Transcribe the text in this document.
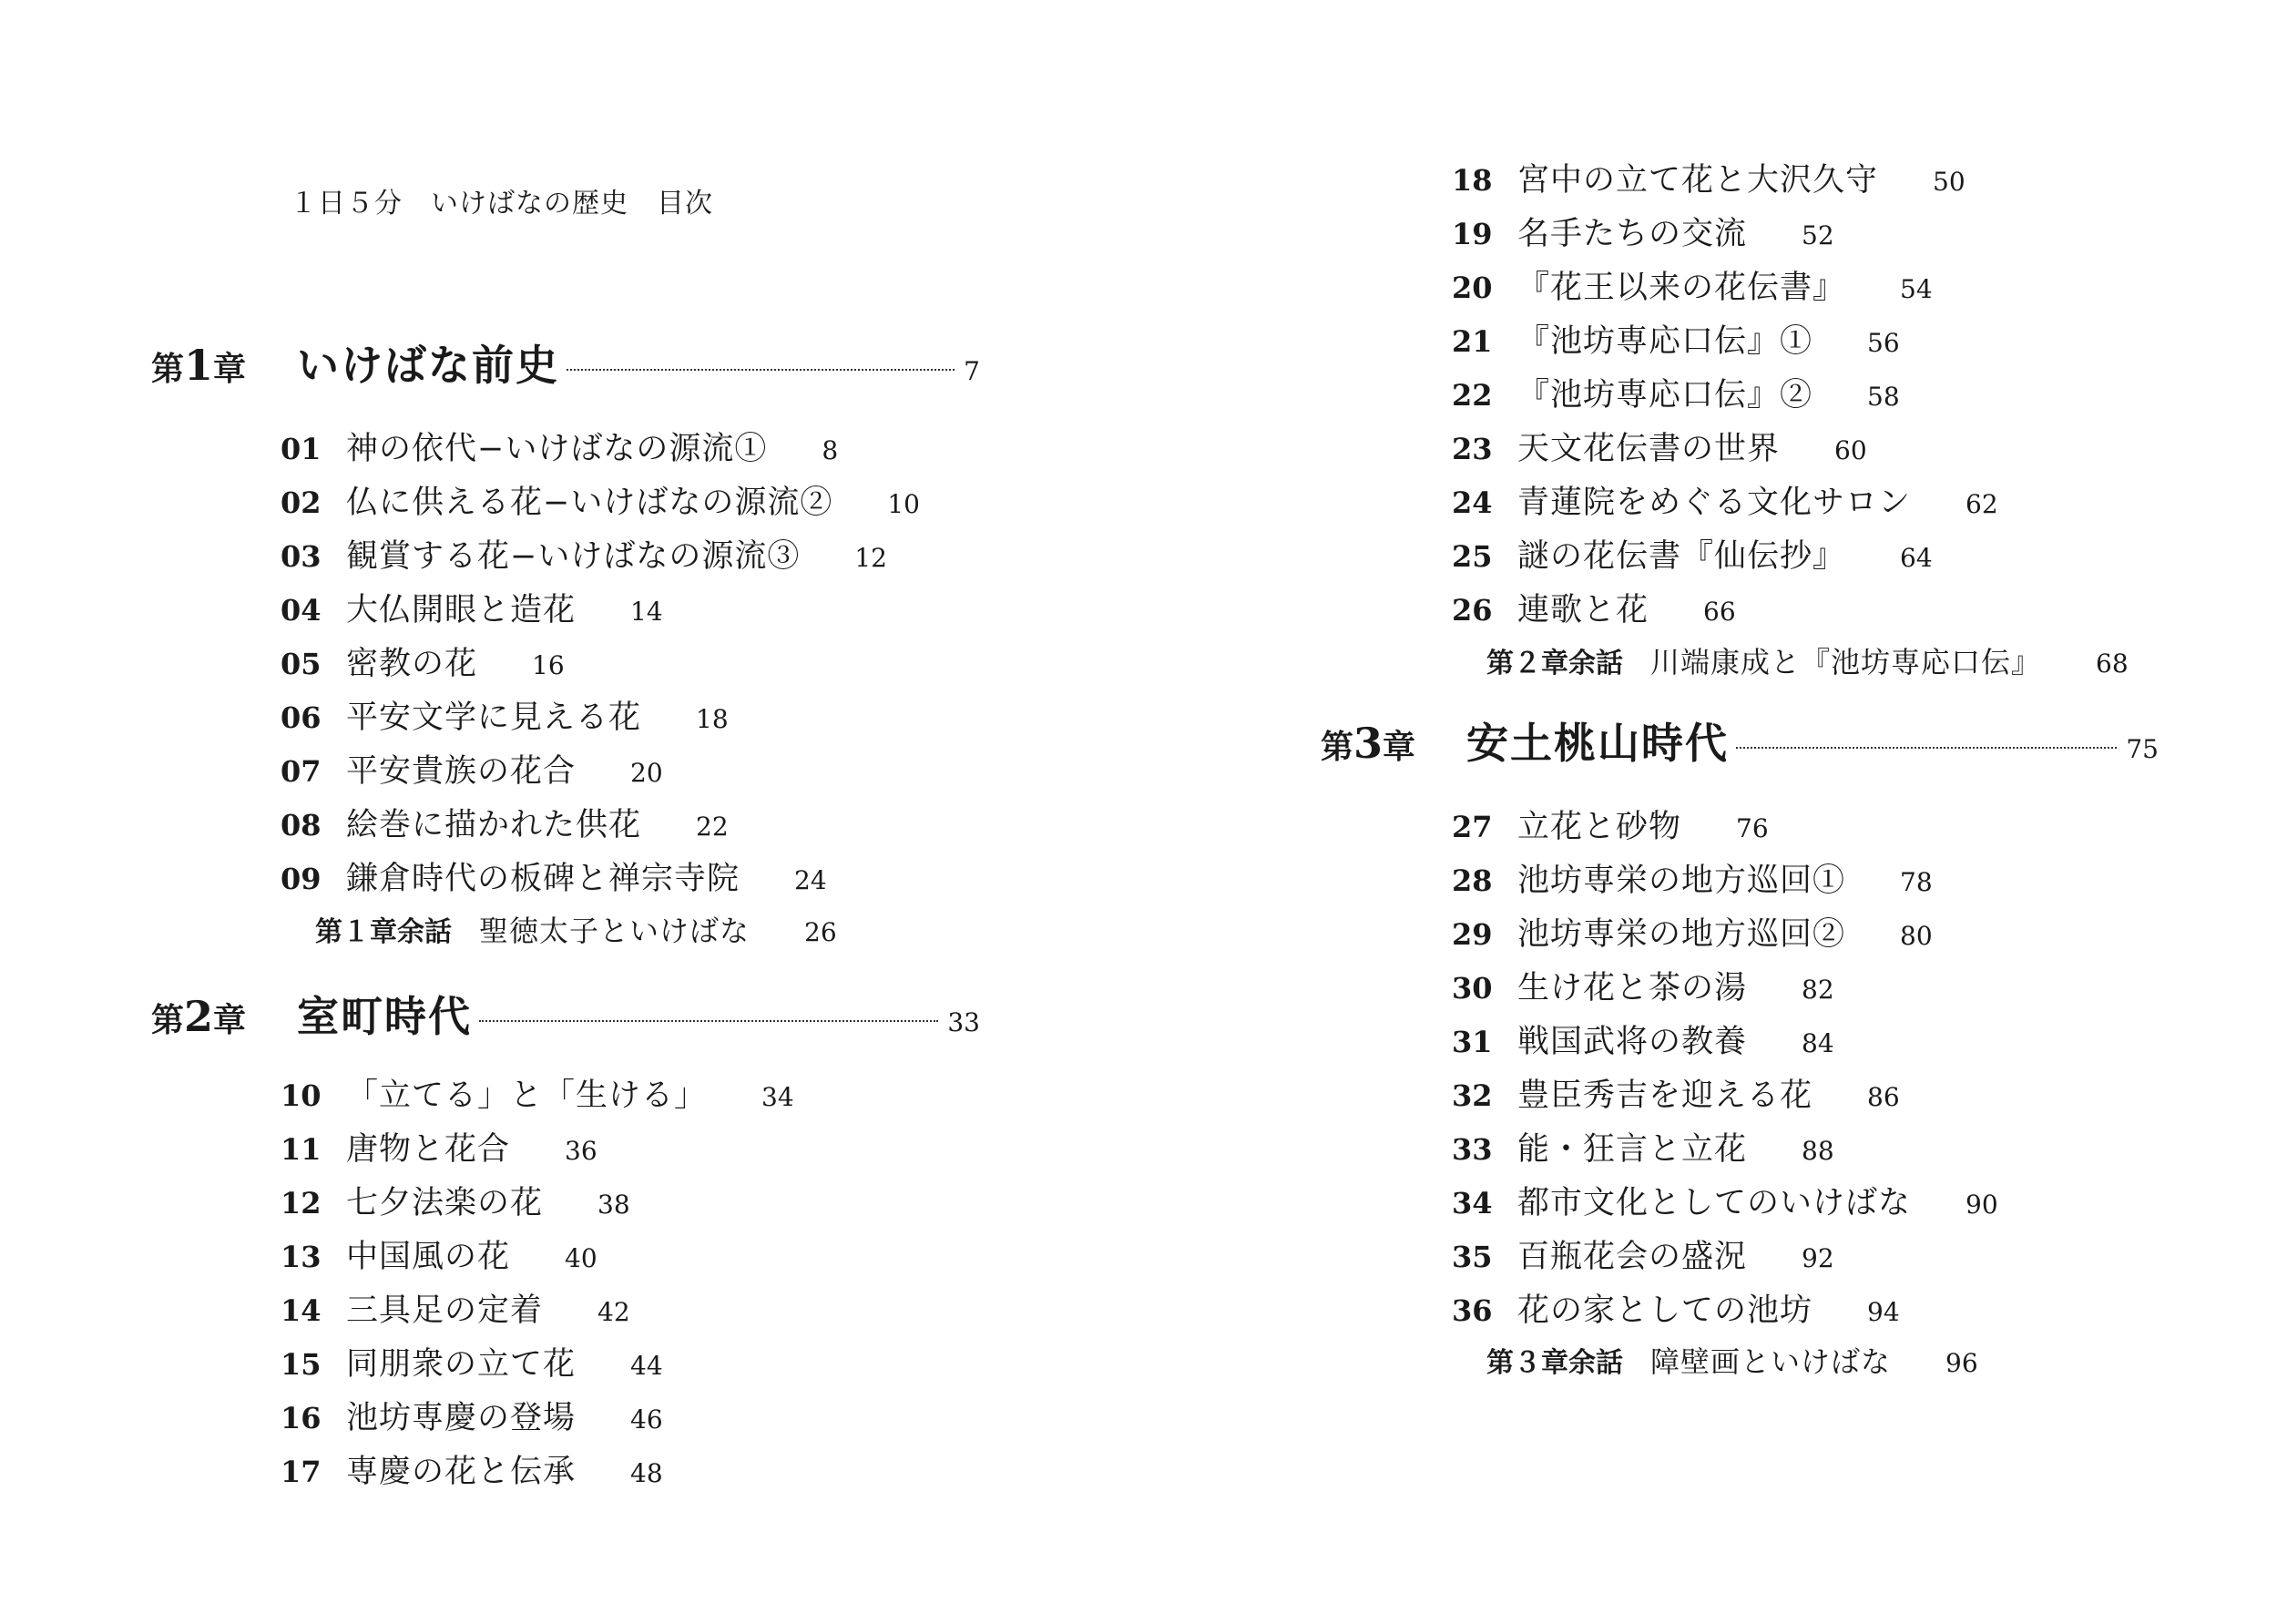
１日５分　いけばなの歴史　目次
第1章	いけばな前史	7
01 神の依代−いけばなの源流① 8
02 仏に供える花−いけばなの源流② 10
03 観賞する花−いけばなの源流③ 12
04 大仏開眼と造花 14
05 密教の花 16
06 平安文学に見える花 18
07 平安貴族の花合 20
08 絵巻に描かれた供花 22
09 鎌倉時代の板碑と禅宗寺院 24
第１章余話 聖徳太子といけばな 26
第2章	室町時代	33
10 「立てる」と「生ける」 34
11 唐物と花合 36
12 七夕法楽の花 38
13 中国風の花 40
14 三具足の定着 42
15 同朋衆の立て花 44
16 池坊専慶の登場 46
17 専慶の花と伝承 48
18 宮中の立て花と大沢久守 50
19 名手たちの交流 52
20 『花王以来の花伝書』 54
21 『池坊専応口伝』① 56
22 『池坊専応口伝』② 58
23 天文花伝書の世界 60
24 青蓮院をめぐる文化サロン 62
25 謎の花伝書『仙伝抄』 64
26 連歌と花 66
第２章余話 川端康成と『池坊専応口伝』 68
第3章	安土桃山時代	75
27 立花と砂物 76
28 池坊専栄の地方巡回① 78
29 池坊専栄の地方巡回② 80
30 生け花と茶の湯 82
31 戦国武将の教養 84
32 豊臣秀吉を迎える花 86
33 能・狂言と立花 88
34 都市文化としてのいけばな 90
35 百瓶花会の盛況 92
36 花の家としての池坊 94
第３章余話 障壁画といけばな 96
